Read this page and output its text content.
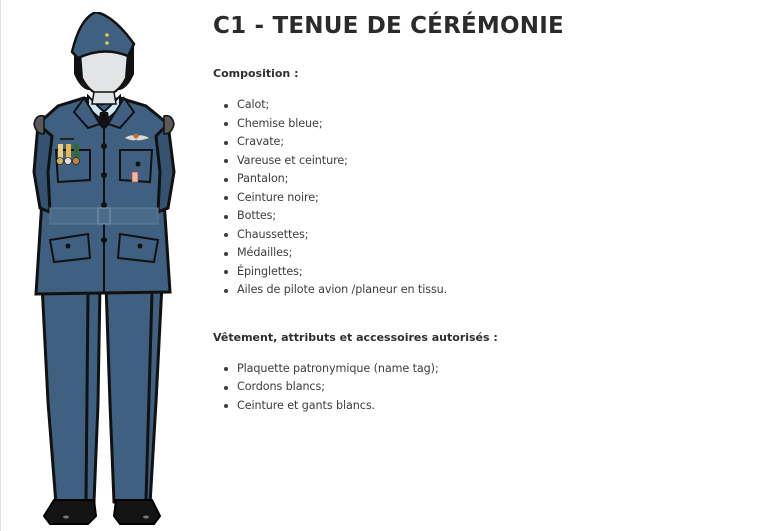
C1 - TENUE DE CÉRÉMONIE
Composition :
Calot;
Chemise bleue;
Cravate;
Vareuse et ceinture;
Pantalon;
Ceinture noire;
Bottes;
Chaussettes;
Médailles;
Épinglettes;
Ailes de pilote avion /planeur en tissu.
Vêtement, attributs et accessoires autorisés :
Plaquette patronymique (name tag);
Cordons blancs;
Ceinture et gants blancs.
